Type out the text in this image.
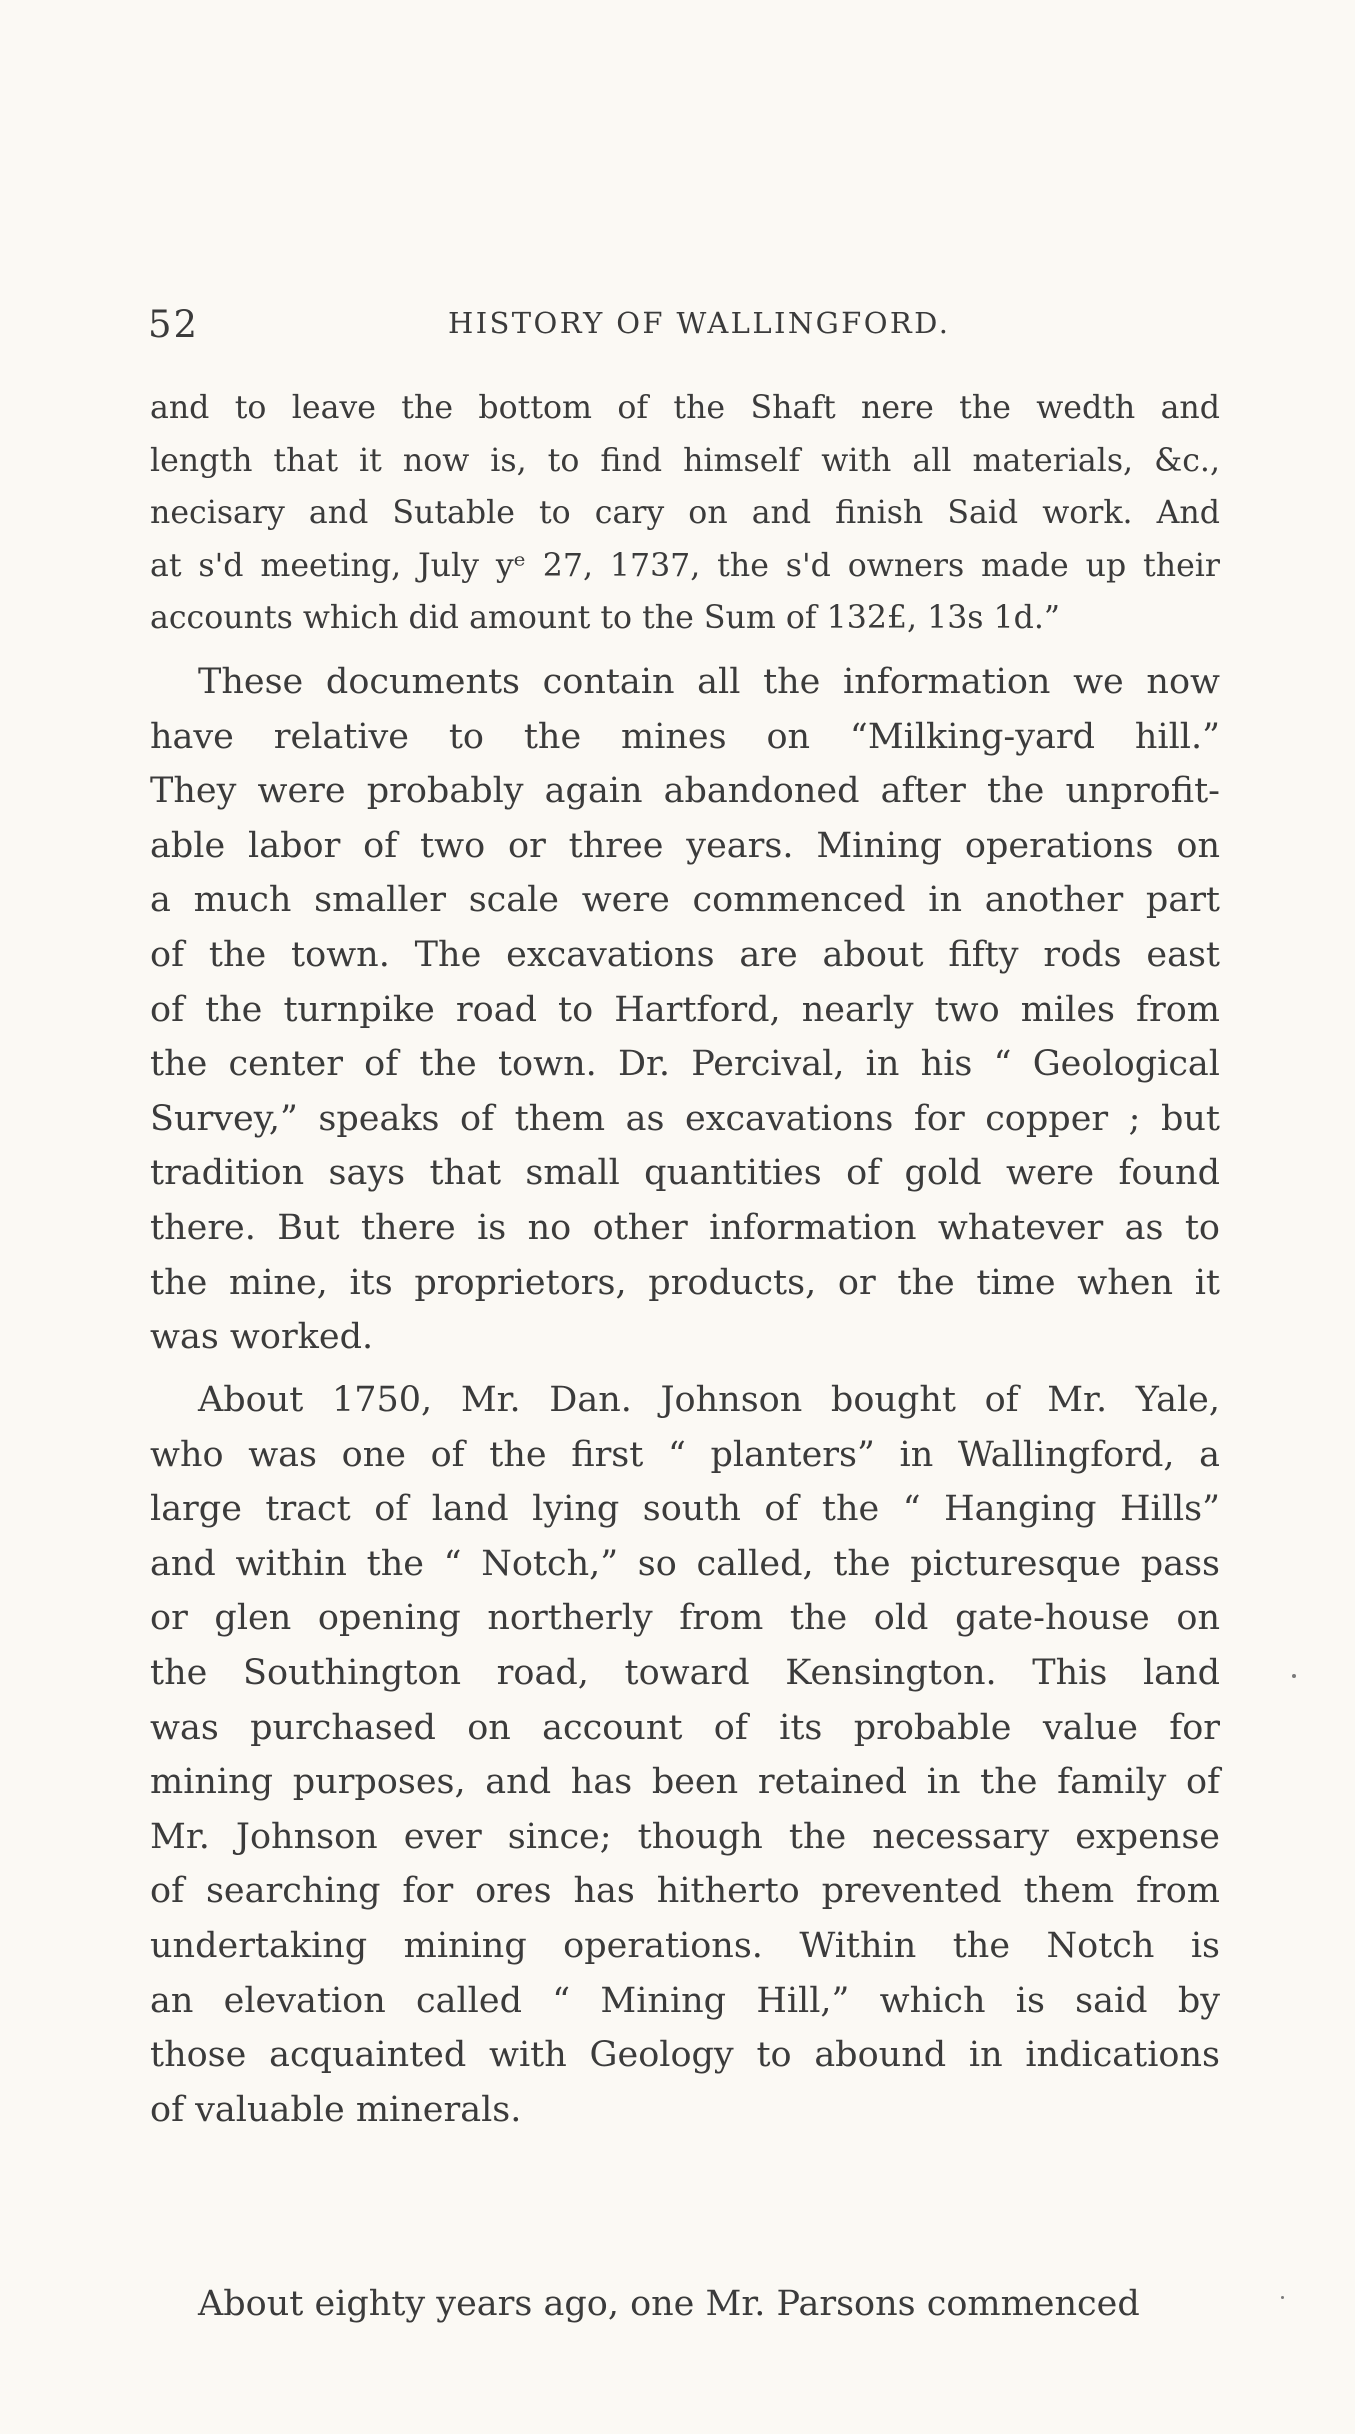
52	HISTORY OF WALLINGFORD.

and to leave the bottom of the Shaft nere the wedth and

length that it now is, to find himself with all materials, &c.,

necisary and Sutable to cary on and finish Said work. And

at s'd meeting, July yᵉ 27, 1737, the s'd owners made up their

accounts which did amount to the Sum of 132£, 13s 1d.”

These documents contain all the information we now

have relative to the mines on “Milking-yard hill.”

They were probably again abandoned after the unprofit-

able labor of two or three years. Mining operations on

a much smaller scale were commenced in another part

of the town. The excavations are about fifty rods east

of the turnpike road to Hartford, nearly two miles from

the center of the town. Dr. Percival, in his “ Geological

Survey,” speaks of them as excavations for copper ; but

tradition says that small quantities of gold were found

there. But there is no other information whatever as to

the mine, its proprietors, products, or the time when it

was worked.

About 1750, Mr. Dan. Johnson bought of Mr. Yale,

who was one of the first “ planters” in Wallingford, a

large tract of land lying south of the “ Hanging Hills”

and within the “ Notch,” so called, the picturesque pass

or glen opening northerly from the old gate-house on

the Southington road, toward Kensington. This land

was purchased on account of its probable value for

mining purposes, and has been retained in the family of

Mr. Johnson ever since; though the necessary expense

of searching for ores has hitherto prevented them from

undertaking mining operations. Within the Notch is

an elevation called “ Mining Hill,” which is said by

those acquainted with Geology to abound in indications

of valuable minerals.

About eighty years ago, one Mr. Parsons commenced
